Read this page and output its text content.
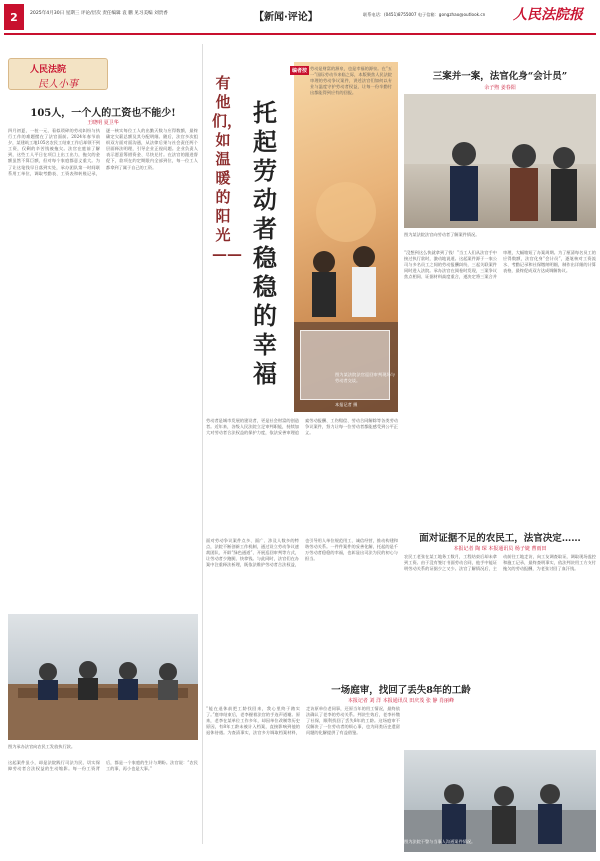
2	2025年4月30日 星期三 评论/层次 责任编辑 袁 鹏 见习美编 刘贵香	【新闻·评论】	联系电话：(0451)8755007 电子信箱：gongzhao@outlook.cn 人民法院报
人民法院
民人小事
105人，一个人的工资也不能少!
王晓明 夏卫华
四月初夏，一桩一元、看似琐碎的劳动纠纷与执行工作的难题摆在了法官面前。2024年春节前夕，某建筑工地105名农民工结束工作后却领不到工资，仅剩的辛苦钱被拖欠。法官在庭前了解到，这些工人平日在项目上出工出力，拖欠的金额虽然不算巨额，但对每个家庭都意义重大。为了让这笔钱早日落到实处，承办团队第一时间联系用工单位，调取考勤表、工资表和转账记录，逐一核实每位工人的出勤天数与应得数额，最终确定欠薪总额及其分配明细。随后，法官多次组织双方面对面沟通，从法律后果与社会责任两个层面释法明理，引导企业正视问题。企业负责人表示愿意筹措资金、尽快兑付。在法官的跟进督促下，款项在约定期限内全部到位，每一位工人都拿到了属于自己的工资。
图为承办法官向农民工发放执行款。
这起案件虽小，却是法院践行司法为民、切实保障劳动者合法权益的生动缩影。每一份工资背后，都是一个家庭的生计与期盼。法官说：“农民工的事，再小也是大事。”
有他们，如温暖的阳光——
托起劳动者稳稳的幸福	图为某法院法官巡回审判现场与劳动者交谈。
本报记者 摄
劳动者是城市发展的建设者，更是社会财富的创造者。近年来，各级人民法院立足审判职能，持续加大对劳动者合法权益的保护力度，依法妥善审理追索劳动报酬、工伤赔偿、劳动合同解除等各类劳动争议案件，努力让每一位劳动者都能感受到公平正义。
面对劳动争议案件点多、面广、涉及人数多的特点，法院不断创新工作机制，通过设立劳动争议速裁团队、开辟“绿色通道”、开展巡回审判等方式，让劳动者少跑腿、快拿钱。与此同时，法官们在办案中注重释法析理，既依法维护劳动者合法权益，也引导用人单位规范用工、诚信经营，推动构建和谐劳动关系。一件件案件的妥善化解，托起的是千万劳动者稳稳的幸福，也彰显出司法为民的初心与担当。
编者按 劳动是财富的源泉，也是幸福的源泉。在“五一”国际劳动节来临之际，本版聚焦人民法院审理的劳动争议案件，讲述法官们如何以专业与温度守护劳动者权益，让每一份辛勤付出都能得到应有的回报。
三案并一案，法官化身“会计员”
余子煦 姜春阳
图为某法院法官向劳动者了解案件情况。
“没想到这么快就拿到了钱！”当工人们从法官手中接过执行款时，激动地说道。这起案件源于一家公司与多名员工之间的劳动报酬纠纷，三起关联案件同时进入法院。承办法官在阅卷时发现，三案争议焦点相同、证据材料高度重合，遂决定将三案合并审理，大幅缩短了办案周期。为了厘清每名员工的应得数额，法官化身“会计员”，逐笔核对工资流水、考勤记录和社保缴纳明细，制作出详细的计算表格，最终促成双方达成调解协议。
面对证据不足的农民工，法官决定……
本报记者 陶 琛 本报通讯员 杨子婕 曹雨田
农民工老张在某工地务工数月，工程结束后却未拿到工资。由于没有签订书面劳动合同，他手中能证明劳动关系的证据少之又少。法官了解情况后，主动前往工地走访，向工友调查取证，调取现场监控和施工记录，最终查明事实，依法判决用工方支付拖欠的劳动报酬，为老张讨回了血汗钱。
一场庭审，找回了丢失8年的工龄
本报记者 刘 洋 本报通讯员 田庆茂 张 静 肖丽峰
“能在退休前把工龄找回来，我心里终于踏实了。”庭审结束后，老李握着法官的手连声道谢。原来，老李在某单位工作多年，却因单位改制等历史原因，有8年工龄未被计入档案，直接影响到他的退休待遇。为查清事实，法官多方调取档案材料，走访原单位老同事，还原当年的用工情况，最终依法确认了老李的劳动关系。判决生效后，老李补缴了社保，顺利找回了丢失8年的工龄。这场庭审不仅解决了一位劳动者的烦心事，也为同类历史遗留问题的化解提供了有益借鉴。
图为法院干警与当事人沟通案件情况。
